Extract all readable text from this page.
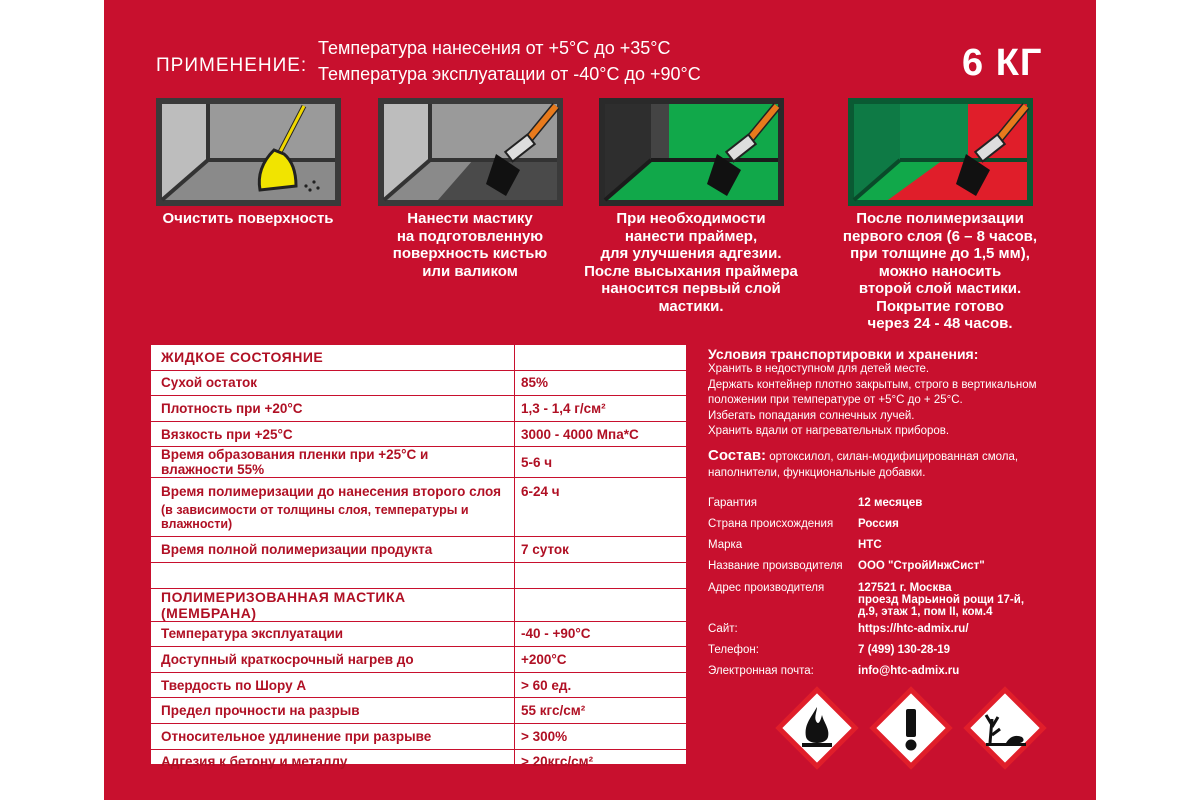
ПРИМЕНЕНИЕ:
Температура нанесения от +5°С до +35°С
Температура эксплуатации от -40°С до +90°С	6 КГ
Очистить поверхность	Нанести мастику
на подготовленную
поверхность кистью
или валиком
При необходимости
нанести праймер,
для улучшения адгезии.
После высыхания праймера
наносится первый слой
мастики.
После полимеризации
первого слоя (6 – 8 часов,
при толщине до 1,5 мм),
можно наносить
второй слой мастики.
Покрытие готово
через 24 - 48 часов.
ЖИДКОЕ СОСТОЯНИЕ	
Сухой остаток	85%
Плотность при +20°С	1,3 - 1,4 г/см²
Вязкость при +25°С	3000 - 4000 Мпа*С
Время образования пленки при +25°С и влажности 55%	5-6 ч
Время полимеризации до нанесения второго слоя
(в зависимости от толщины слоя, температуры и влажности)	6-24 ч
Время полной полимеризации продукта	7 суток

ПОЛИМЕРИЗОВАННАЯ МАСТИКА (МЕМБРАНА)	
Температура эксплуатации	-40 - +90°С
Доступный краткосрочный нагрев до	+200°С
Твердость по Шору А	> 60 ед.
Предел прочности на разрыв	55 кгс/см²
Относительное удлинение при разрыве	> 300%
Адгезия к бетону и металлу	> 20кгс/см²
Условия транспортировки и хранения:
Хранить в недоступном для детей месте.
Держать контейнер плотно закрытым, строго в вертикальном
положении при температуре от +5°С до + 25°С.
Избегать попадания солнечных лучей.
Хранить вдали от нагревательных приборов.
Состав: ортоксилол, силан-модифицированная смола,
наполнители, функциональные добавки.
Гарантия	12 месяцев
Страна происхождения Россия
Марка	НТС
Название производителя ООО "СтройИнжСист"
Адрес производителя	127521 г. Москва
проезд Марьиной рощи 17-й,
д.9, этаж 1, пом II, ком.4
Сайт:	https://htc-admix.ru/
Телефон:	7 (499) 130-28-19
Электронная почта:	info@htc-admix.ru
